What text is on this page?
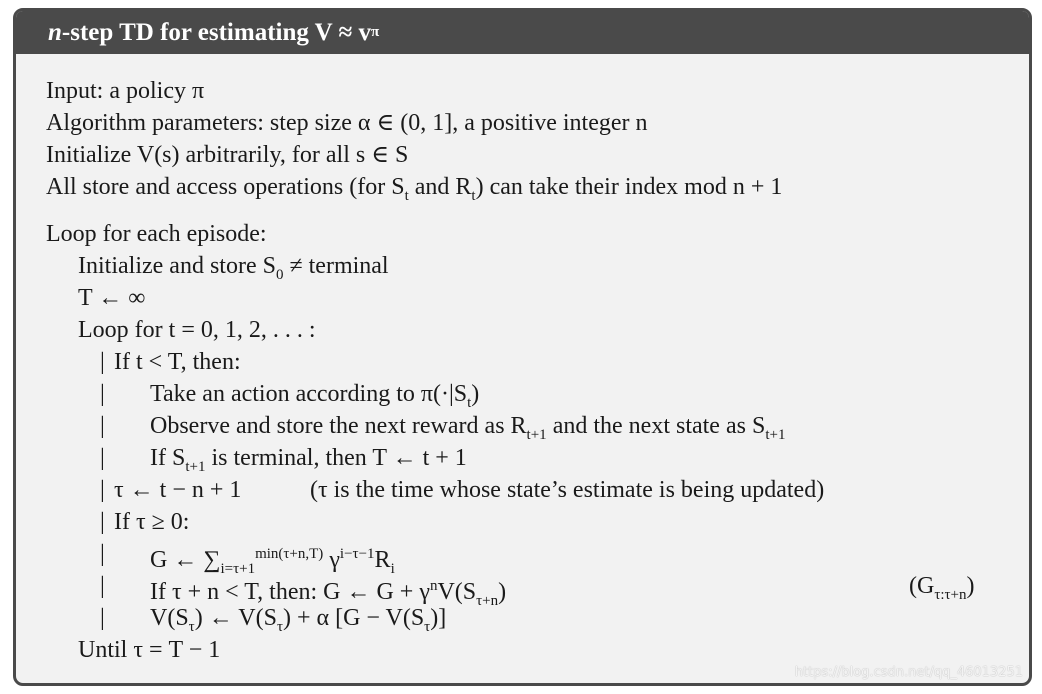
n -step TD for estimating V ≈ v π
Input: a policy π
Algorithm parameters: step size α ∈ (0, 1], a positive integer n
Initialize V(s) arbitrarily, for all s ∈ S
All store and access operations (for $S_t$ and $R_t$) can take their index mod n + 1
Loop for each episode:
Initialize and store $S_0$ ≠ terminal
T ← ∞
Loop for t = 0, 1, 2, . . . :
| If t < T, then:
| Take an action according to $\pi(\cdot|S_t)$
| Observe and store the next reward as $R_{t+1}$ and the next state as $S_{t+1}$
| If $S_{t+1}$ is terminal, then T ← t + 1
| τ ← t − n + 1	(τ is the time whose state’s estimate is being updated)
| If τ ≥ 0:
| G ← $\sum_{i=\tau+1}^{min(\tau+n,T)}$ $\gamma^{i-\tau-1}R_i$
| If τ + n < T, then: G ← $G + \gamma^nV(S_{\tau+n})$	$(G_{\tau:\tau+n})$
| $V(S_\tau)$ ← $V(S_\tau) + \alpha$ $[G - V(S_\tau)]$
Until τ = T − 1
https://blog.csdn.net/qq_46013251
